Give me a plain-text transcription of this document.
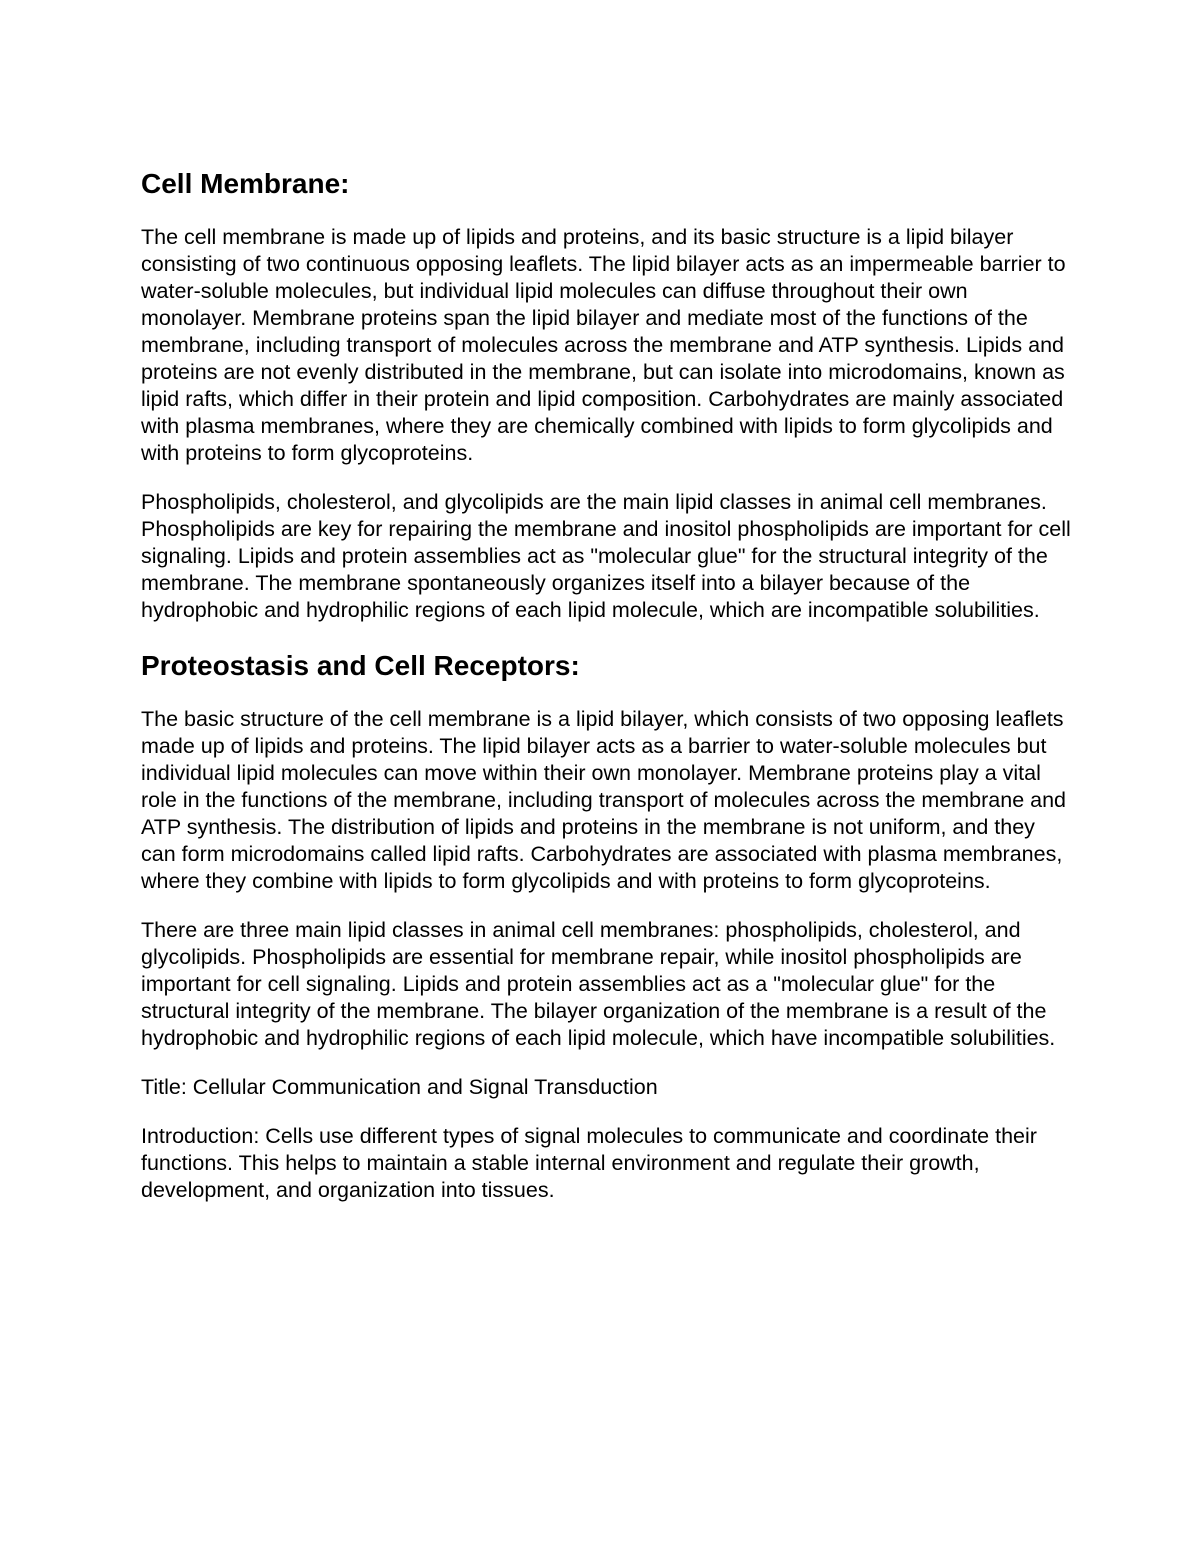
Cell Membrane:

The cell membrane is made up of lipids and proteins, and its basic structure is a lipid bilayer consisting of two continuous opposing leaflets. The lipid bilayer acts as an impermeable barrier to water-soluble molecules, but individual lipid molecules can diffuse throughout their own monolayer. Membrane proteins span the lipid bilayer and mediate most of the functions of the membrane, including transport of molecules across the membrane and ATP synthesis. Lipids and proteins are not evenly distributed in the membrane, but can isolate into microdomains, known as lipid rafts, which differ in their protein and lipid composition. Carbohydrates are mainly associated with plasma membranes, where they are chemically combined with lipids to form glycolipids and with proteins to form glycoproteins.

Phospholipids, cholesterol, and glycolipids are the main lipid classes in animal cell membranes. Phospholipids are key for repairing the membrane and inositol phospholipids are important for cell signaling. Lipids and protein assemblies act as "molecular glue" for the structural integrity of the membrane. The membrane spontaneously organizes itself into a bilayer because of the hydrophobic and hydrophilic regions of each lipid molecule, which are incompatible solubilities.

Proteostasis and Cell Receptors:

The basic structure of the cell membrane is a lipid bilayer, which consists of two opposing leaflets made up of lipids and proteins. The lipid bilayer acts as a barrier to water-soluble molecules but individual lipid molecules can move within their own monolayer. Membrane proteins play a vital role in the functions of the membrane, including transport of molecules across the membrane and ATP synthesis. The distribution of lipids and proteins in the membrane is not uniform, and they can form microdomains called lipid rafts. Carbohydrates are associated with plasma membranes, where they combine with lipids to form glycolipids and with proteins to form glycoproteins.

There are three main lipid classes in animal cell membranes: phospholipids, cholesterol, and glycolipids. Phospholipids are essential for membrane repair, while inositol phospholipids are important for cell signaling. Lipids and protein assemblies act as a "molecular glue" for the structural integrity of the membrane. The bilayer organization of the membrane is a result of the hydrophobic and hydrophilic regions of each lipid molecule, which have incompatible solubilities.

Title: Cellular Communication and Signal Transduction

Introduction: Cells use different types of signal molecules to communicate and coordinate their functions. This helps to maintain a stable internal environment and regulate their growth, development, and organization into tissues.
